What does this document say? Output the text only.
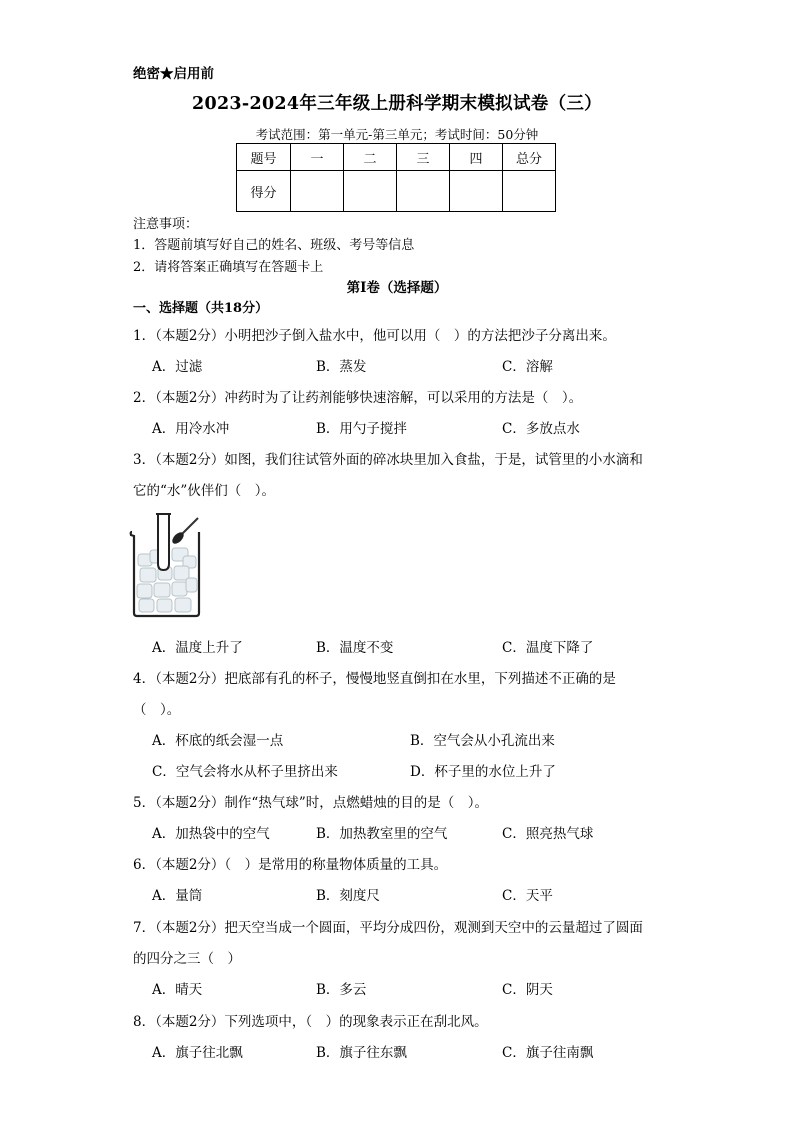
绝密★启用前
2023-2024年三年级上册科学期末模拟试卷（三）
考试范围：第一单元-第三单元；考试时间：50分钟
题号	一	二	三	四	总分
得分					
注意事项：
1．答题前填写好自己的姓名、班级、考号等信息
2．请将答案正确填写在答题卡上
第I卷（选择题）
一、选择题（共18分）
1．（本题2分）小明把沙子倒入盐水中，他可以用（　）的方法把沙子分离出来。
A．过滤	B．蒸发	C．溶解
2．（本题2分）冲药时为了让药剂能够快速溶解，可以采用的方法是（　）。
A．用冷水冲	B．用勺子搅拌	C．多放点水
3．（本题2分）如图，我们往试管外面的碎冰块里加入食盐，于是，试管里的小水滴和
它的“水”伙伴们（　）。
A．温度上升了	B．温度不变	C．温度下降了
4．（本题2分）把底部有孔的杯子，慢慢地竖直倒扣在水里，下列描述不正确的是
（　）。
A．杯底的纸会湿一点	B．空气会从小孔流出来
C．空气会将水从杯子里挤出来	D．杯子里的水位上升了
5．（本题2分）制作“热气球”时，点燃蜡烛的目的是（　）。
A．加热袋中的空气	B．加热教室里的空气	C．照亮热气球
6．（本题2分）（　）是常用的称量物体质量的工具。
A．量筒	B．刻度尺	C．天平
7．（本题2分）把天空当成一个圆面，平均分成四份，观测到天空中的云量超过了圆面
的四分之三（　）
A．晴天	B．多云	C．阴天
8．（本题2分）下列选项中，（　）的现象表示正在刮北风。
A．旗子往北飘	B．旗子往东飘	C．旗子往南飘
